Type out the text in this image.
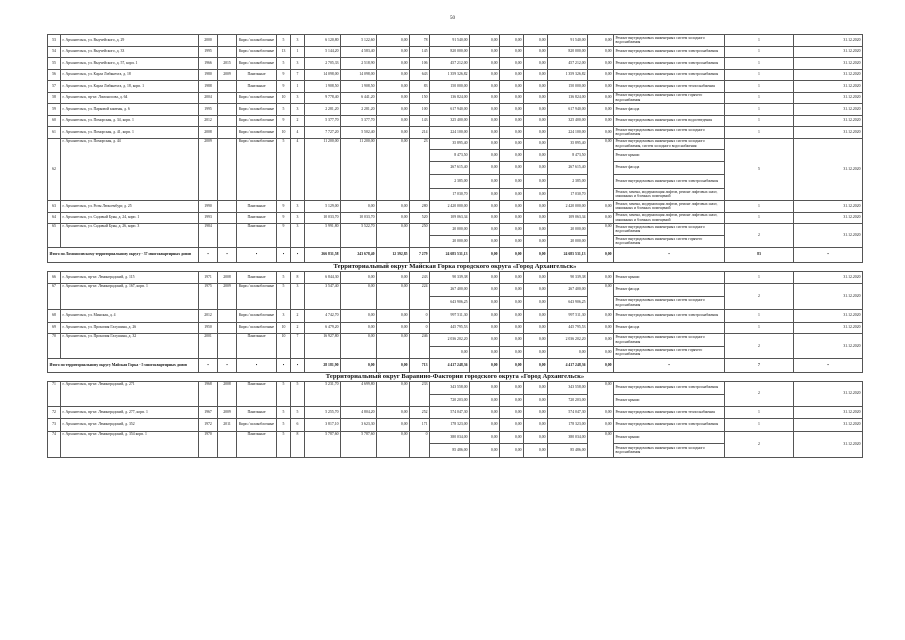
50

53	г. Архангельск, ул. Выучейского, д. 29	2000		Кирп./ шлакоблочные	5	3	6 120,80	5 122,60	0,00	78	91 540,00	0,00	0,00	0,00	91 540,00	0,00	Ремонт внутридомовых инженерных систем холодного водоснабжения	1	31.12.2020
54	г. Архангельск, ул. Выучейского, д. 33	1995		Кирп./ шлакоблочные	13	1	5 144,20	4 583,40	0,00	145	820 000,00	0,00	0,00	0,00	820 000,00	0,00	Ремонт внутридомовых инженерных систем электроснабжения	1	31.12.2020
55	г. Архангельск, ул. Выучейского, д. 57, корп. 1	1966	2015	Кирп./ шлакоблочные	5	3	2 705,33	2 518,90	0,00	106	457 212,00	0,00	0,00	0,00	457 212,00	0,00	Ремонт внутридомовых инженерных систем электроснабжения	1	31.12.2020
56	г. Архангельск, ул. Карла Либкнехта, д. 18	1980	2009	Панельные	9	7	14 098,00	14 098,00	0,00	643	1 359 326,82	0,00	0,00	0,00	1 359 326,82	0,00	Ремонт внутридомовых инженерных систем электроснабжения	1	31.12.2020
57	г. Архангельск, ул. Карла Либкнехта, д. 18, корп. 1	1988		Панельные	9	1	1 908,50	1 908,50	0,00	83	150 000,00	0,00	0,00	0,00	150 000,00	0,00	Ремонт внутридомовых инженерных систем теплоснабжения	1	31.12.2020
58	г. Архангельск, пр-кт. Ломоносова, д. 64	2004		Кирп./ шлакоблочные	10	3	9 778,40	6 441,20	0,00	150	136 824,00	0,00	0,00	0,00	136 824,00	0,00	Ремонт внутридомовых инженерных систем горячего водоснабжения	1	31.12.2020
59	г. Архангельск, ул. Парковой камены, д. 6	1995		Кирп./ шлакоблочные	5	3	2 281,20	2 281,20	0,00	100	617 940,00	0,00	0,00	0,00	617 940,00	0,00	Ремонт фасада	1	31.12.2020
60	г. Архангельск, ул. Поморская, д. 34, корп. 1	2012		Кирп./ шлакоблочные	9	2	5 377,70	5 377,70	0,00	143	325 400,00	0,00	0,00	0,00	325 400,00	0,00	Ремонт внутридомовых инженерных систем водоотведения	1	31.12.2020
61	г. Архангельск, ул. Поморская, д. 41, корп. 1	2008		Кирп./ шлакоблочные	10	4	7 727,20	5 502,40	0,00	214	224 100,00	0,00	0,00	0,00	224 100,00	0,00	Ремонт внутридомовых инженерных систем холодного водоснабжения	1	31.12.2020
62	г. Архангельск, ул. Поморская, д. 44	2009		Кирп./ шлакоблочные	5	4	11 200,00	11 200,00	0,00	23	35 895,40	0,00	0,00	0,00	35 895,40	0,00	Ремонт внутридомовых инженерных систем холодного водоснабжения, систем холодного водоснабжения	5	31.12.2020
											8 473,50	0,00	0,00	0,00	8 473,50		Ремонт крыши		
											267 615,40	0,00	0,00	0,00	267 615,40		Ремонт фасада		
											2 385,00	0,00	0,00	0,00	2 385,00		Ремонт внутридомовых инженерных систем электроснабжения		
											17 030,70	0,00	0,00	0,00	17 030,70		Ремонт, замена, модернизация лифтов, ремонт лифтовых шахт, машинных и блочных помещений		
63	г. Архангельск, ул. Розы Люксембург, д. 25	1990		Панельные	9	3	5 129,00	0,00	0,00	280	2 420 000,00	0,00	0,00	0,00	2 420 000,00	0,00	Ремонт, замена, модернизация лифтов, ремонт лифтовых шахт, машинных и блочных помещений	1	31.12.2020
64	г. Архангельск, ул. Садовый Буян, д. 24, корп. 1	1993		Панельные	9	3	10 033,70	10 033,70	0,00	520	109 063,34	0,00	0,00	0,00	109 063,34	0,00	Ремонт, замена, модернизация лифтов, ремонт лифтовых шахт, машинных и блочных помещений	1	31.12.2020
65	г. Архангельск, ул. Садовый Буян, д. 26, корп. 3	1984		Панельные	9	3	5 991,80	5 522,70	0,00	250	20 000,00	0,00	0,00	0,00	20 000,00	0,00	Ремонт внутридомовых инженерных систем холодного водоснабжения	2	31.12.2020
											20 000,00	0,00	0,00	0,00	20 000,00		Ремонт внутридомовых инженерных систем горячего водоснабжения		
Итого по Ломоносовскому территориальному округу - 37 многоквартирных домов		•	•	•	•	•	266 831,58	243 678,40	12 392,85	7 279	24 685 531,13	0,00	0,00	0,00	24 685 531,13	0,00	•	83	•
Территориальный округ Майская Горка городского округа «Город Архангельск»																			
66	г. Архангельск, пр-кт. Ленинградский, д. 115	1971	2008	Панельные	5	8	6 844,30	0,00	0,00	243	90 339,38	0,00	0,00	0,00	90 339,38	0,00	Ремонт крыши	1	31.12.2020
67	г. Архангельск, пр-кт. Ленинградский, д. 167, корп. 1	1975	2009	Кирп./ шлакоблочные	5	3	3 547,40	0,00	0,00	224	267 400,00	0,00	0,00	0,00	267 400,00	0,00	Ремонт фасада	2	31.12.2020
											643 906,25	0,00	0,00	0,00	643 906,25		Ремонт внутридомовых инженерных систем холодного водоснабжения		
68	г. Архангельск, ул. Минская, д. 4	2012		Кирп./ шлакоблочные	3	2	4 742,70	0,00	0,00	0	997 511,30	0,00	0,00	0,00	997 511,30	0,00	Ремонт внутридомовых инженерных систем электроснабжения	1	31.12.2020
69	г. Архангельск, ул. Прокопия Галушина, д. 26	1950		Кирп./ шлакоблочные	10	2	6 479,20	0,00	0,00	0	445 795,53	0,00	0,00	0,00	445 795,53	0,00	Ремонт фасада	1	31.12.2020
70	г. Архангельск, ул. Прокопия Галушина, д. 32	2001		Панельные	10	7	16 927,80	0,00	0,00	246	2 036 202,20	0,00	0,00	0,00	2 036 202,20	0,00	Ремонт внутридомовых инженерных систем холодного водоснабжения	2	31.12.2020
											0,00	0,00	0,00	0,00	0,00	0,00	Ремонт внутридомовых инженерных систем горячего водоснабжения		
Итого по территориальному округу Майская Горка - 5 многоквартирных домов		•	•	•	•	•	28 181,90	0,00	0,00	713	4 417 248,36	0,00	0,00	0,00	4 417 248,36	0,00	•	7	•
Территориальный округ Варавино-Фактория городского округа «Город Архангельск»																			
71	г. Архангельск, пр-кт. Ленинградский, д. 271	1968	2008	Панельные	5	5	5 231,70	4 699,80	0,00	233	343 558,00	0,00	0,00	0,00	343 558,00	0,00	Ремонт внутридомовых инженерных систем электроснабжения	2	31.12.2020
											720 203,00	0,00	0,00	0,00	720 203,00		Ремонт крыши		
72	г. Архангельск, пр-кт. Ленинградский, д. 277, корп. 1	1967	2009	Панельные	5	5	5 255,70	4 804,20	0,00	252	574 047,30	0,00	0,00	0,00	574 047,30	0,00	Ремонт внутридомовых инженерных систем теплоснабжения	1	31.12.2020
73	г. Архангельск, пр-кт. Ленинградский, д. 352	1972	2011	Кирп./ шлакоблочные	5	6	3 817,10	3 623,30	0,00	171	178 323,00	0,00	0,00	0,00	178 323,00	0,00	Ремонт внутридомовых инженерных систем электроснабжения	1	31.12.2020
74	г. Архангельск, пр-кт. Ленинградский, д. 354 корп. 1	1970		Панельные	5	8	5 787,60	5 787,60	0,00	0	380 034,00	0,00	0,00	0,00	380 034,00	0,00	Ремонт крыши	2	31.12.2020
											85 486,00	0,00	0,00	0,00	85 486,00		Ремонт внутридомовых инженерных систем холодного водоснабжения		
